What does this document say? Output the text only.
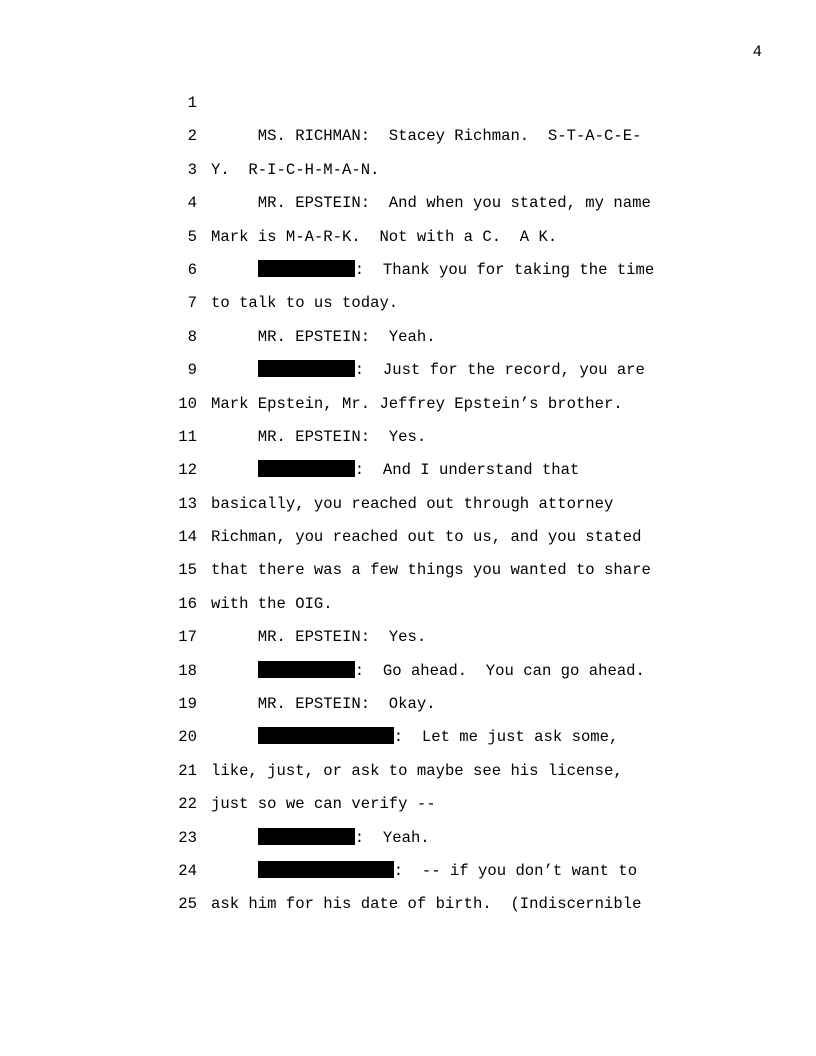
4
1
2 MS. RICHMAN:  Stacey Richman.  S-T-A-C-E-
3 Y.  R-I-C-H-M-A-N.
4 MR. EPSTEIN:  And when you stated, my name
5 Mark is M-A-R-K.  Not with a C.  A K.
6	:  Thank you for taking the time
7 to talk to us today.
8 MR. EPSTEIN:  Yeah.
9	:  Just for the record, you are
10 Mark Epstein, Mr. Jeffrey Epstein’s brother.
11 MR. EPSTEIN:  Yes.
12	:  And I understand that
13 basically, you reached out through attorney
14 Richman, you reached out to us, and you stated
15 that there was a few things you wanted to share
16 with the OIG.
17 MR. EPSTEIN:  Yes.
18	:  Go ahead.  You can go ahead.
19 MR. EPSTEIN:  Okay.
20	:  Let me just ask some,
21 like, just, or ask to maybe see his license,
22 just so we can verify --
23	:  Yeah.
24	:  -- if you don’t want to
25 ask him for his date of birth.  (Indiscernible
